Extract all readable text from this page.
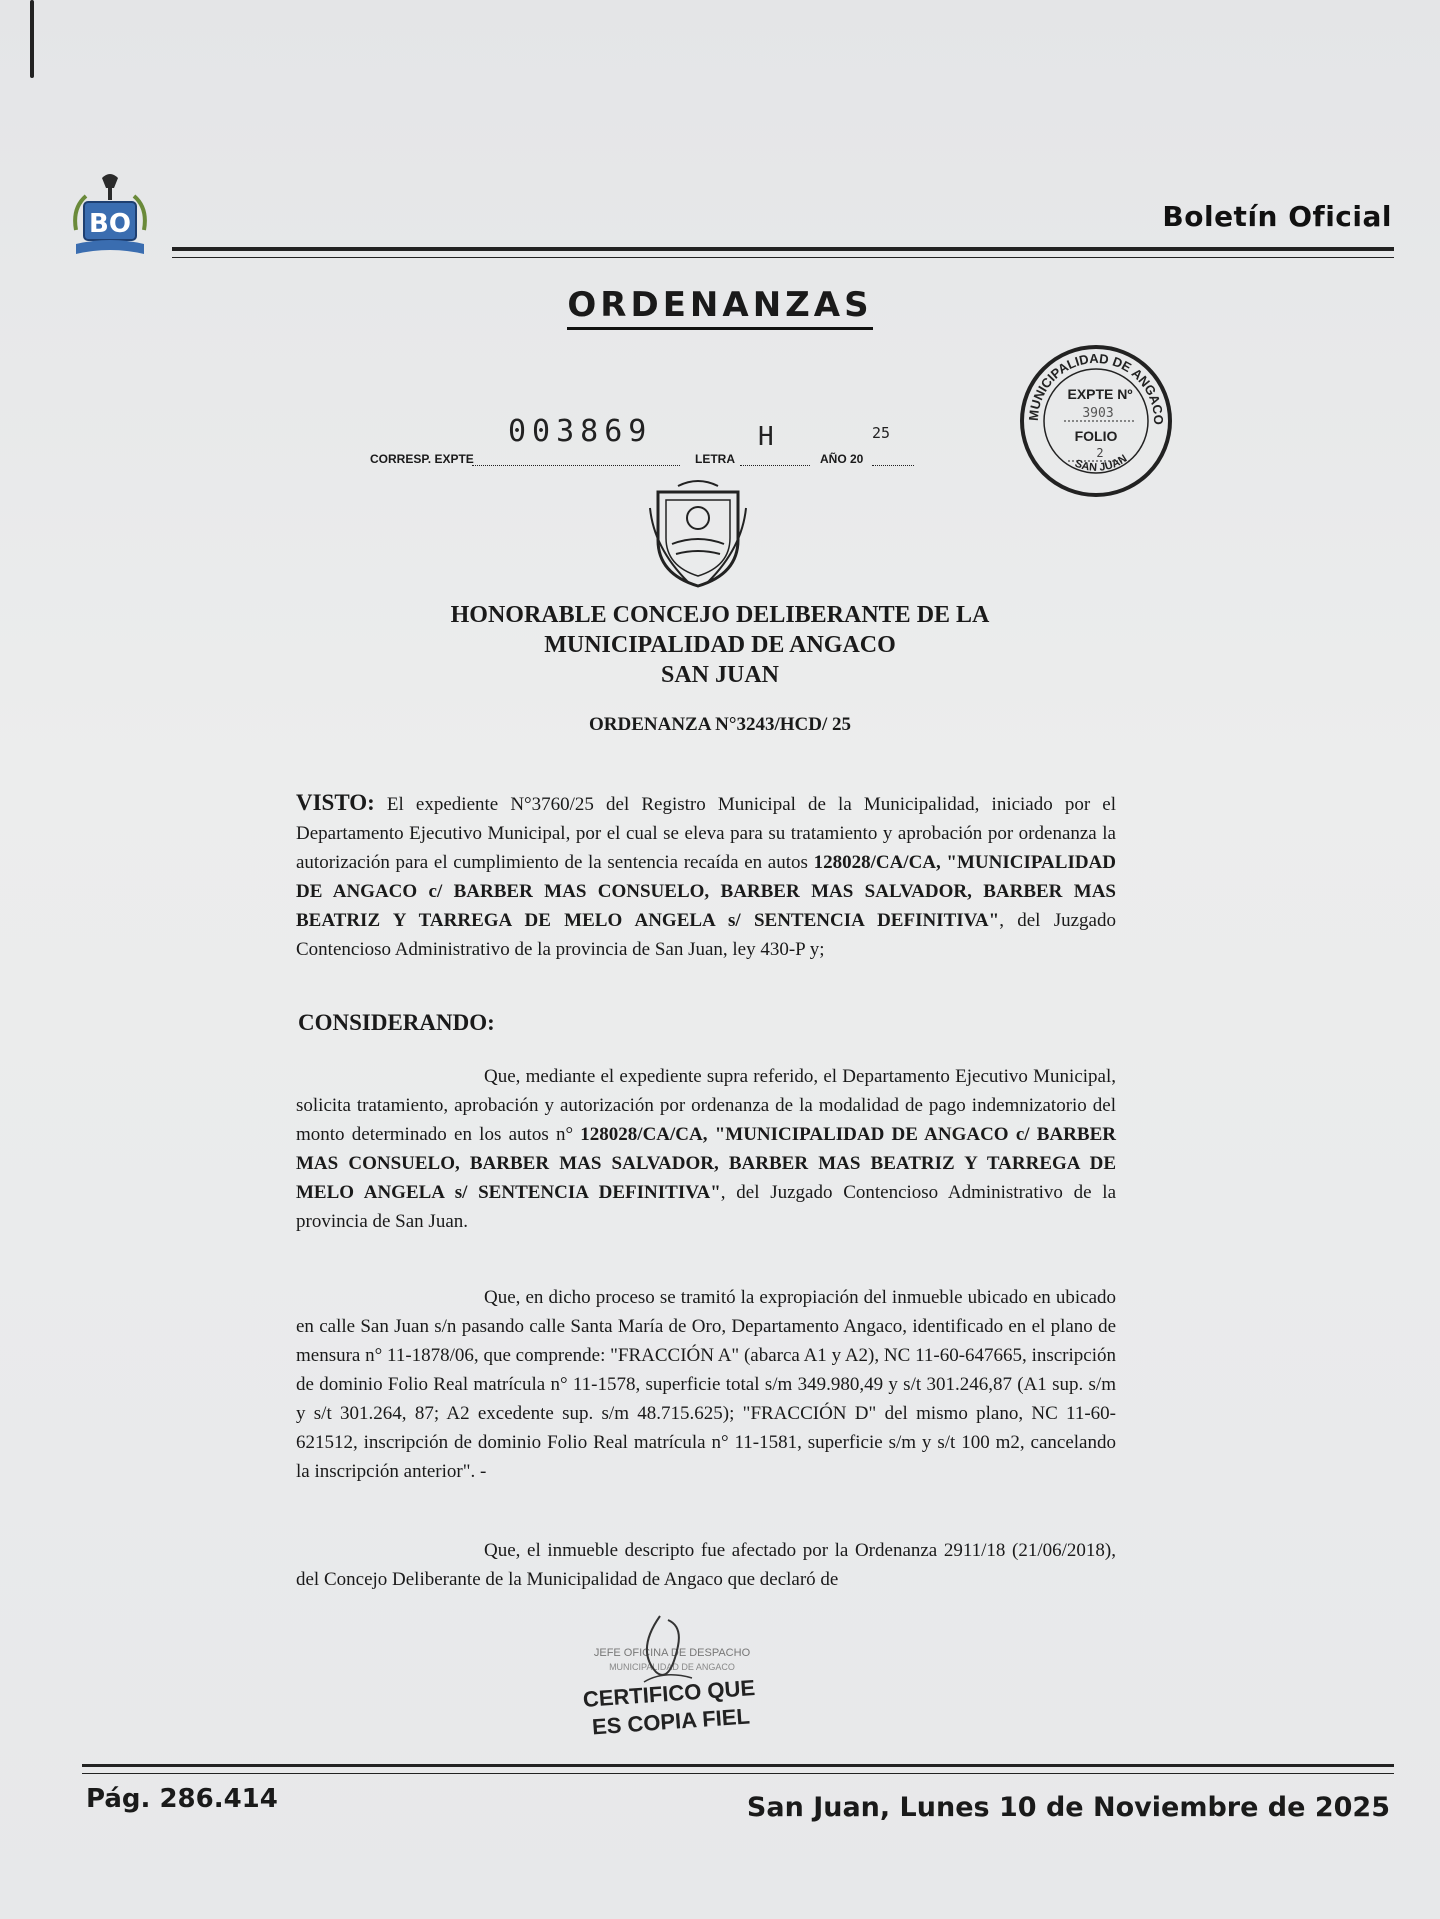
BO	Boletín Oficial
ORDENANZAS
CORRESP. EXPTE
003869
LETRA
H
AÑO 20
25
MUNICIPALIDAD DE ANGACO
SAN JUAN
EXPTE Nº
3903
FOLIO
2
HONORABLE CONCEJO DELIBERANTE DE LA
MUNICIPALIDAD DE ANGACO
SAN JUAN
ORDENANZA N°3243/HCD/ 25

VISTO: El expediente N°3760/25 del Registro Municipal de la Municipalidad, iniciado por el Departamento Ejecutivo Municipal, por el cual se eleva para su tratamiento y aprobación por ordenanza la autorización para el cumplimiento de la sentencia recaída en autos 128028/CA/CA, "MUNICIPALIDAD DE ANGACO c/ BARBER MAS CONSUELO, BARBER MAS SALVADOR, BARBER MAS BEATRIZ Y TARREGA DE MELO ANGELA s/ SENTENCIA DEFINITIVA", del Juzgado Contencioso Administrativo de la provincia de San Juan, ley 430-P y;

CONSIDERANDO:

Que, mediante el expediente supra referido, el Departamento Ejecutivo Municipal, solicita tratamiento, aprobación y autorización por ordenanza de la modalidad de pago indemnizatorio del monto determinado en los autos n° 128028/CA/CA, "MUNICIPALIDAD DE ANGACO c/ BARBER MAS CONSUELO, BARBER MAS SALVADOR, BARBER MAS BEATRIZ Y TARREGA DE MELO ANGELA s/ SENTENCIA DEFINITIVA", del Juzgado Contencioso Administrativo de la provincia de San Juan.

Que, en dicho proceso se tramitó la expropiación del inmueble ubicado en ubicado en calle San Juan s/n pasando calle Santa María de Oro, Departamento Angaco, identificado en el plano de mensura n° 11-1878/06, que comprende: "FRACCIÓN A" (abarca A1 y A2), NC 11-60-647665, inscripción de dominio Folio Real matrícula n° 11-1578, superficie total s/m 349.980,49 y s/t 301.246,87 (A1 sup. s/m y s/t 301.264, 87; A2 excedente sup. s/m 48.715.625); "FRACCIÓN D" del mismo plano, NC 11-60-621512, inscripción de dominio Folio Real matrícula n° 11-1581, superficie s/m y s/t 100 m2, cancelando la inscripción anterior". -

Que, el inmueble descripto fue afectado por la Ordenanza 2911/18 (21/06/2018), del Concejo Deliberante de la Municipalidad de Angaco que declaró de

JEFE OFICINA DE DESPACHO
MUNICIPALIDAD DE ANGACO
CERTIFICO QUE
ES COPIA FIEL
Pág. 286.414	San Juan, Lunes 10 de Noviembre de 2025
